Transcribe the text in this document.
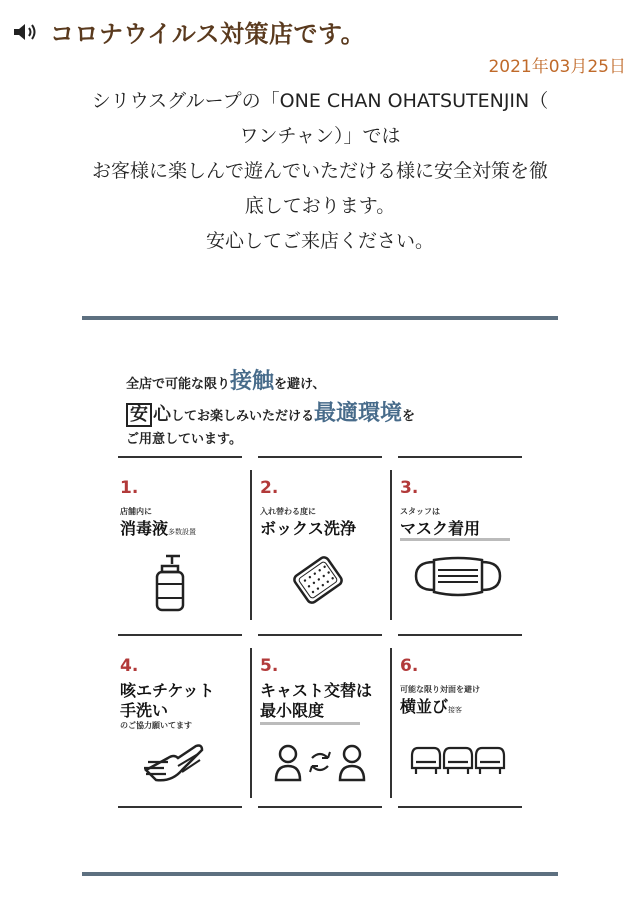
コロナウイルス対策店です。
2021年03月25日
シリウスグループの「ONE CHAN OHATSUTENJIN（
ワンチャン）」では
お客様に楽しんで遊んでいただける様に安全対策を徹
底しております。
安心してご来店ください。
全店で可能な限り 接触 を避け、
安 心 してお楽しみいただける 最適環境 を
ご用意しています。
1.
店舗内に
消毒液多数設置
2.
入れ替わる度に
ボックス洗浄
3.
スタッフは
マスク着用
4.
咳エチケット
手洗い
のご協力願いてます
5.
キャスト交替は
最小限度
6.
可能な限り対面を避け
横並び接客
